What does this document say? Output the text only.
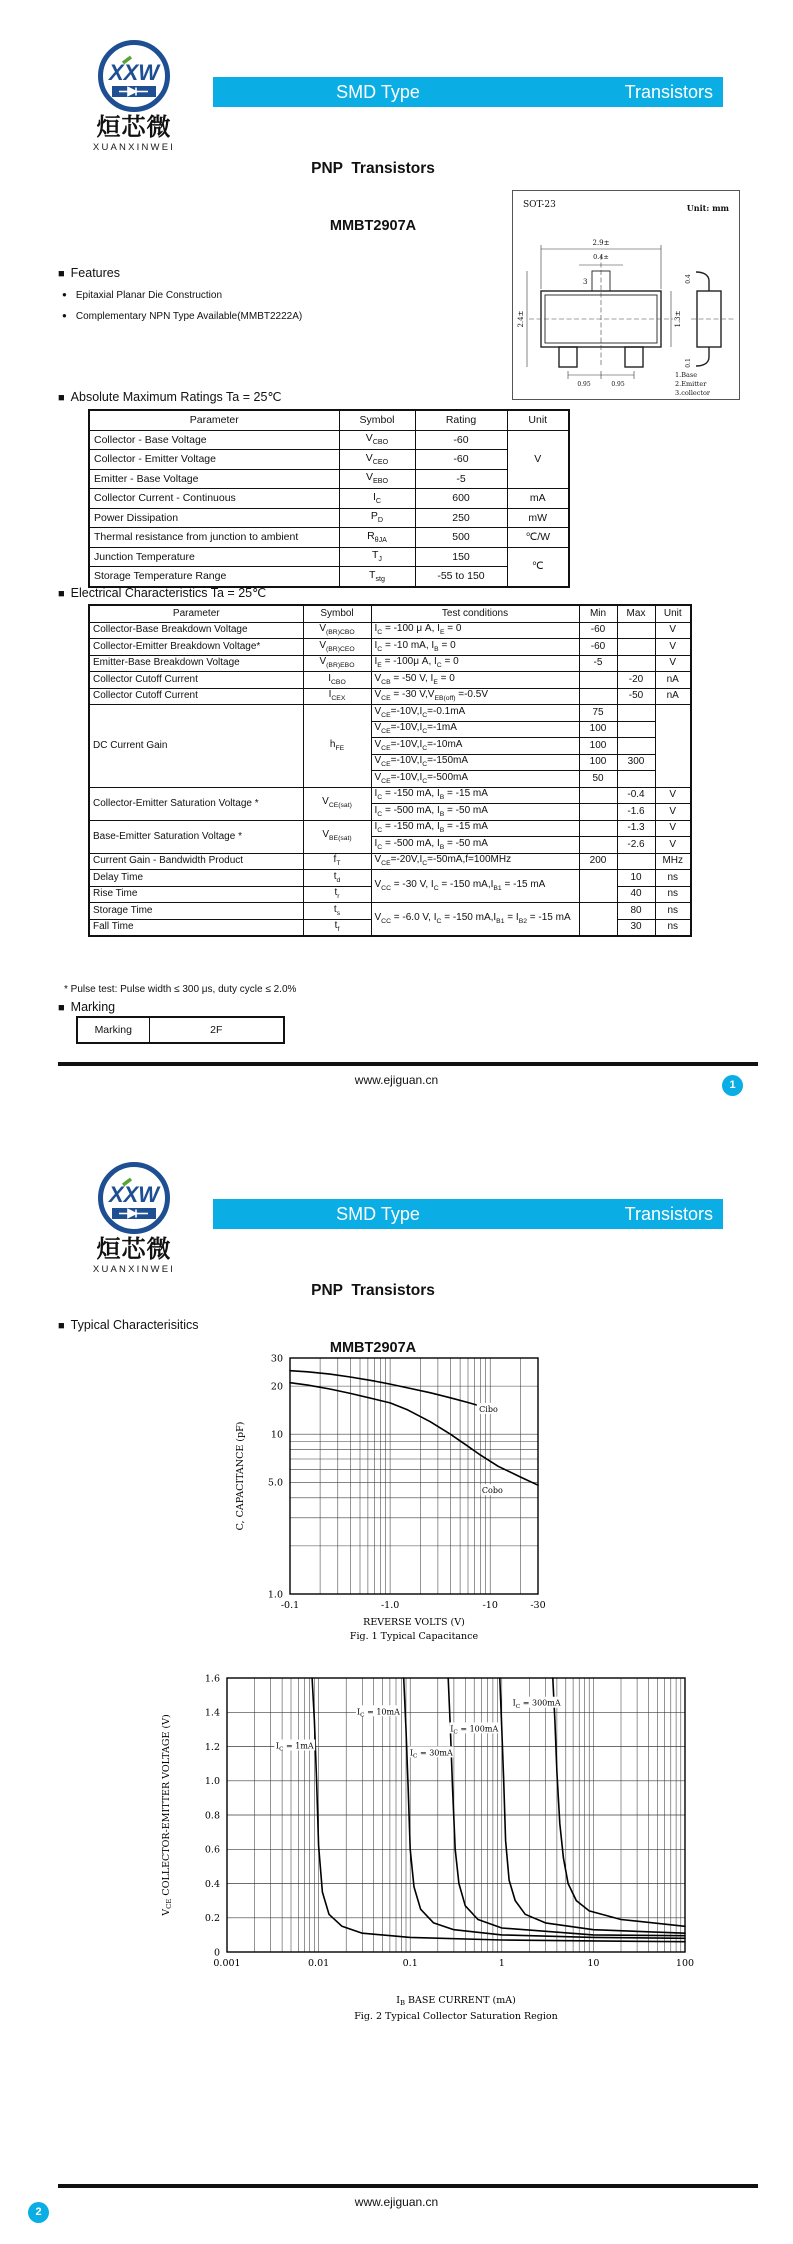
XXW
烜芯微
XUANXINWEI
SMD Type	Transistors

PNP  Transistors

MMBT2907A

■ Features
● Epitaxial Planar Die Construction
● Complementary NPN Type Available(MMBT2222A)
SOT-23	Unit: mm
2.9±
0.4±
3
1.3±
2.4±
0.95	0.95
0.4
0.1
1.Base
2.Emitter
3.collector
■ Absolute Maximum Ratings Ta = 25℃
Parameter	Symbol	Rating	Unit
Collector - Base Voltage	$V_{CBO}$	-60	V
Collector - Emitter Voltage	$V_{CEO}$	-60	
Emitter - Base Voltage	$V_{EBO}$	-5	
Collector Current - Continuous	$I_C$	600	mA
Power Dissipation	$P_D$	250	mW
Thermal resistance from junction to ambient	$R_{\theta JA}$	500	℃/W
Junction Temperature	$T_J$	150	℃
Storage Temperature Range	$T_{stg}$	-55 to 150	
■ Electrical Characteristics Ta = 25℃
Parameter	Symbol	Test conditions	Min	Max	Unit
Collector-Base Breakdown Voltage	$V_{(BR)CBO}$	$I_C = -100$ μ A, $I_E = 0$	-60		V
Collector-Emitter Breakdown Voltage*	$V_{(BR)CEO}$	$I_C = -10$ mA, $I_B = 0$	-60		V
Emitter-Base Breakdown Voltage	$V_{(BR)EBO}$	$I_E = -100\mu$ A, $I_C = 0$	-5		V
Collector Cutoff Current	$I_{CBO}$	$V_{CB} = -50$ V, $I_E = 0$		-20	nA
Collector Cutoff Current	$I_{CEX}$	$V_{CE} = -30$ $V,V_{EB(off)} =-0.5V$		-50	nA
DC Current Gain	$h_{FE}$	$V_{CE}=-10V,I_C=-0.1mA$	75		
		$V_{CE}=-10V,I_C=-1mA$	100		
		$V_{CE}=-10V,I_C=-10mA$	100		
		$V_{CE}=-10V,I_C=-150mA$	100	300	
		$V_{CE}=-10V,I_C=-500mA$	50		
Collector-Emitter Saturation Voltage *	$V_{CE(sat)}$	$I_C = -150$ mA, $I_B = -15$ mA		-0.4	V
		$I_C = -500$ mA, $I_B = -50$ mA		-1.6	V
Base-Emitter Saturation Voltage *	$V_{BE(sat)}$	$I_C = -150$ mA, $I_B = -15$ mA		-1.3	V
		$I_C = -500$ mA, $I_B = -50$ mA		-2.6	V
Current Gain - Bandwidth Product	$f_T$	$V_{CE}=-20V,I_C=-50mA,f=100MHz$	200		MHz
Delay Time	$t_d$	$V_{CC} = -30$ V, $I_C = -150$ $mA,I_{B1} = -15$ mA		10	ns
Rise Time	$t_r$			40	ns
Storage Time	$t_s$	$V_{CC} = -6.0$ V, $I_C = -150$ $mA,I_{B1} = I_{B2} = -15$ mA		80	ns
Fall Time	$t_f$			30	ns
* Pulse test: Pulse width ≤ 300 μs, duty cycle ≤ 2.0%
■ Marking
Marking	2F
www.ejiguan.cn	1
XXW
烜芯微
XUANXINWEI
SMD Type	Transistors

PNP  Transistors

MMBT2907A

■ Typical Characterisitics
-0.1	-1.0	-10	-30
1.0
5.0
10
20
30
Cibo
Cobo
REVERSE VOLTS (V)
Fig. 1 Typical Capacitance
C, CAPACITANCE (pF)
0.001	0.01	0.1	1	10	100
0
0.2
0.4
0.6
0.8
1.0
1.2
1.4
1.6
$I_C = 1mA$
$I_C = 10mA$
$I_C = 30mA$
$I_C = 100mA$
$I_C = 300mA$
$I_B$ BASE CURRENT (mA)
Fig. 2 Typical Collector Saturation Region
$V_{CE}$ COLLECTOR-EMITTER VOLTAGE (V)
www.ejiguan.cn
2
